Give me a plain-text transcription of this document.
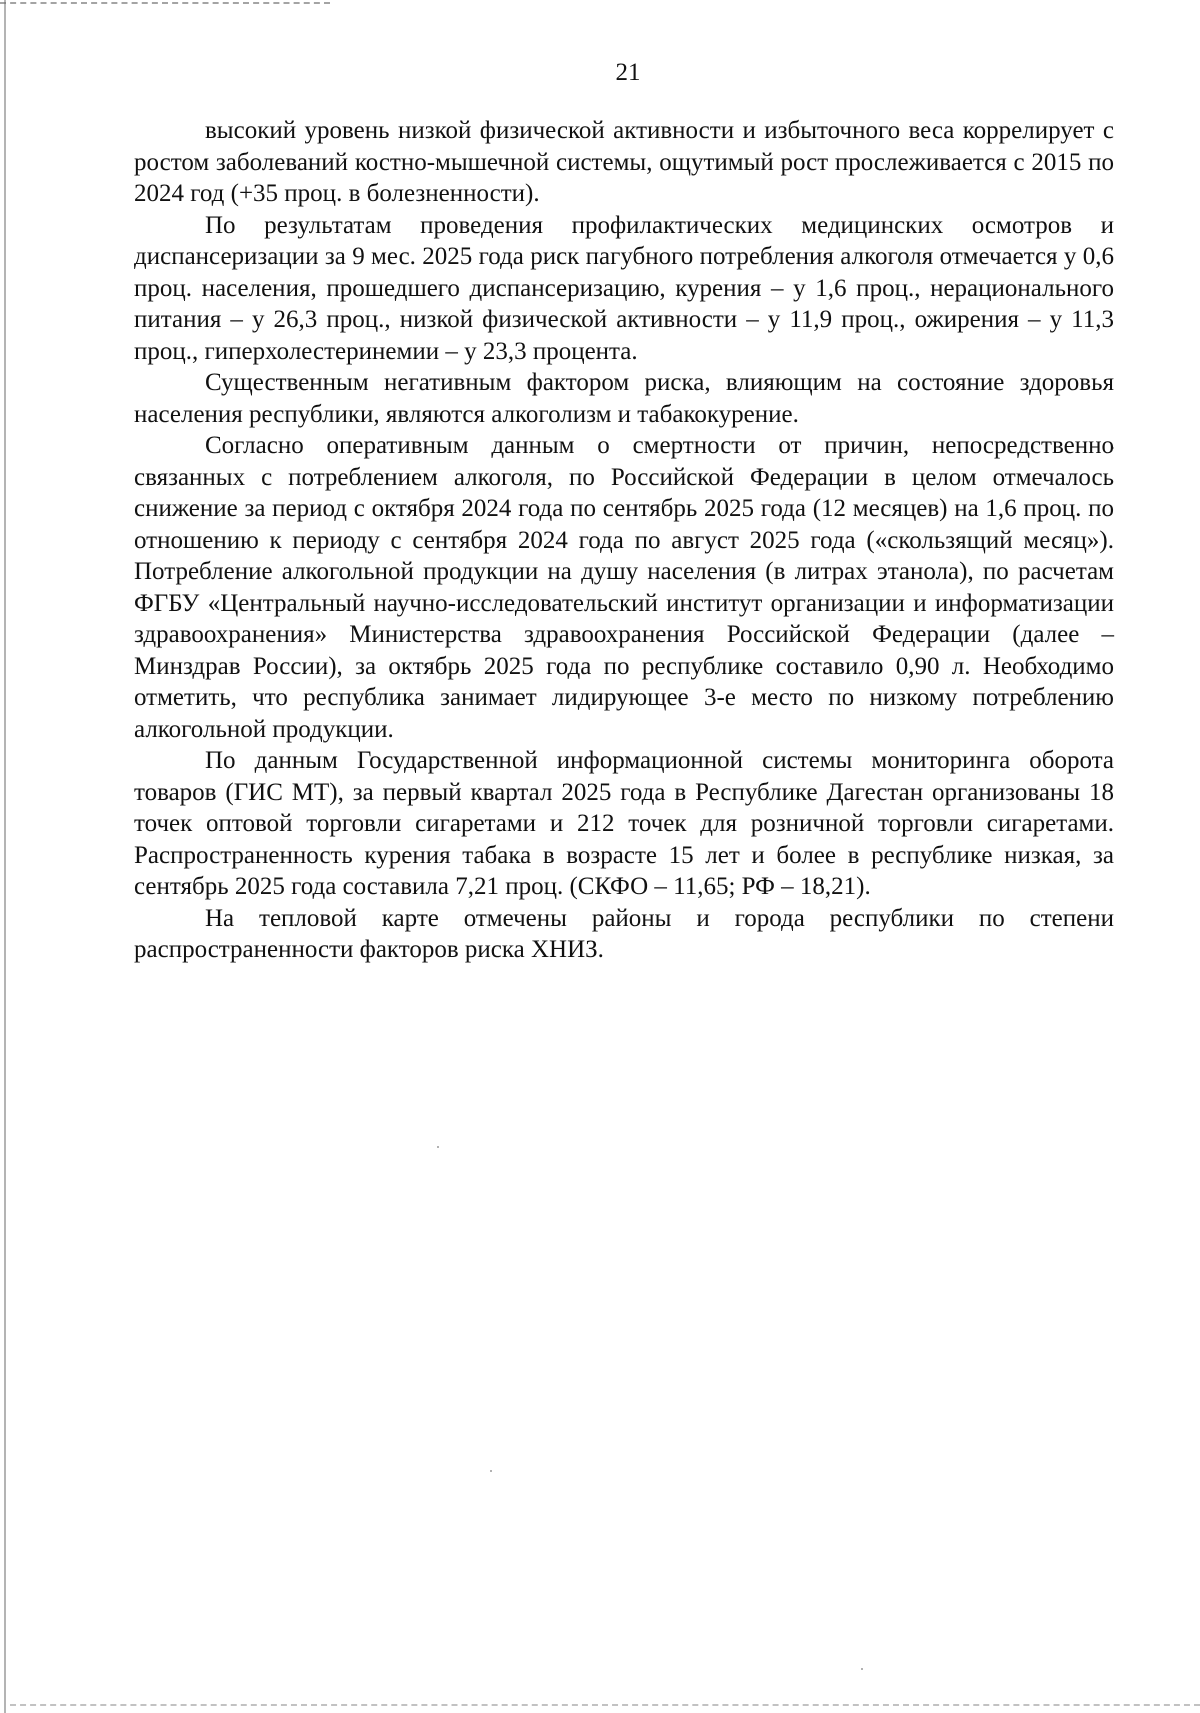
21

высокий уровень низкой физической активности и избыточного веса коррелирует с ростом заболеваний костно-мышечной системы, ощутимый рост прослеживается с 2015 по 2024 год (+35 проц. в болезненности).

По результатам проведения профилактических медицинских осмотров и диспансеризации за 9 мес. 2025 года риск пагубного потребления алкоголя отмечается у 0,6 проц. населения, прошедшего диспансеризацию, курения – у 1,6 проц., нерационального питания – у 26,3 проц., низкой физической активности – у 11,9 проц., ожирения – у 11,3 проц., гиперхолестеринемии – у 23,3 процента.

Существенным негативным фактором риска, влияющим на состояние здоровья населения республики, являются алкоголизм и табакокурение.

Согласно оперативным данным о смертности от причин, непосредственно связанных с потреблением алкоголя, по Российской Федерации в целом отмечалось снижение за период с октября 2024 года по сентябрь 2025 года (12 месяцев) на 1,6 проц. по отношению к периоду с сентября 2024 года по август 2025 года («скользящий месяц»). Потребление алкогольной продукции на душу населения (в литрах этанола), по расчетам ФГБУ «Центральный научно-исследовательский институт организации и информатизации здравоохранения» Министерства здравоохранения Российской Федерации (далее – Минздрав России), за октябрь 2025 года по республике составило 0,90 л. Необходимо отметить, что республика занимает лидирующее 3-е место по низкому потреблению алкогольной продукции.

По данным Государственной информационной системы мониторинга оборота товаров (ГИС МТ), за первый квартал 2025 года в Республике Дагестан организованы 18 точек оптовой торговли сигаретами и 212 точек для розничной торговли сигаретами. Распространенность курения табака в возрасте 15 лет и более в республике низкая, за сентябрь 2025 года составила 7,21 проц. (СКФО – 11,65; РФ – 18,21).

На тепловой карте отмечены районы и города республики по степени распространенности факторов риска ХНИЗ.
